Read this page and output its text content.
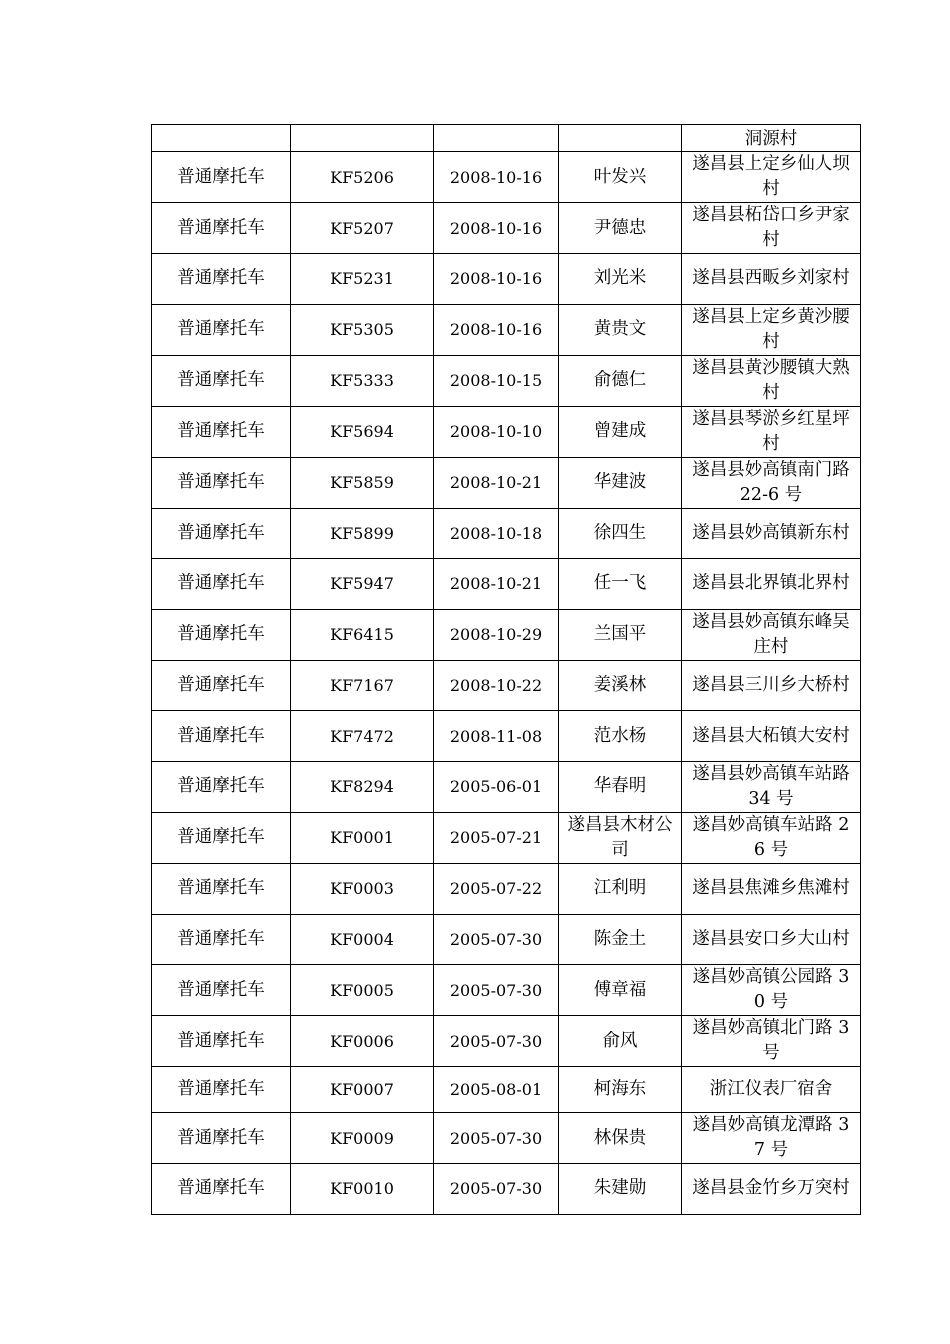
				洞源村
普通摩托车	KF5206	2008-10-16	叶发兴	遂昌县上定乡仙人坝村
普通摩托车	KF5207	2008-10-16	尹德忠	遂昌县柘岱口乡尹家村
普通摩托车	KF5231	2008-10-16	刘光米	遂昌县西畈乡刘家村
普通摩托车	KF5305	2008-10-16	黄贵文	遂昌县上定乡黄沙腰村
普通摩托车	KF5333	2008-10-15	俞德仁	遂昌县黄沙腰镇大熟村
普通摩托车	KF5694	2008-10-10	曾建成	遂昌县琴淤乡红星坪村
普通摩托车	KF5859	2008-10-21	华建波	遂昌县妙高镇南门路 22-6 号
普通摩托车	KF5899	2008-10-18	徐四生	遂昌县妙高镇新东村
普通摩托车	KF5947	2008-10-21	任一飞	遂昌县北界镇北界村
普通摩托车	KF6415	2008-10-29	兰国平	遂昌县妙高镇东峰吴庄村
普通摩托车	KF7167	2008-10-22	姜溪林	遂昌县三川乡大桥村
普通摩托车	KF7472	2008-11-08	范水杨	遂昌县大柘镇大安村
普通摩托车	KF8294	2005-06-01	华春明	遂昌县妙高镇车站路 34 号
普通摩托车	KF0001	2005-07-21	遂昌县木材公司	遂昌妙高镇车站路 26 号
普通摩托车	KF0003	2005-07-22	江利明	遂昌县焦滩乡焦滩村
普通摩托车	KF0004	2005-07-30	陈金土	遂昌县安口乡大山村
普通摩托车	KF0005	2005-07-30	傅章福	遂昌妙高镇公园路 30 号
普通摩托车	KF0006	2005-07-30	俞风	遂昌妙高镇北门路 3 号
普通摩托车	KF0007	2005-08-01	柯海东	浙江仪表厂宿舍
普通摩托车	KF0009	2005-07-30	林保贵	遂昌妙高镇龙潭路 37 号
普通摩托车	KF0010	2005-07-30	朱建勋	遂昌县金竹乡万突村
